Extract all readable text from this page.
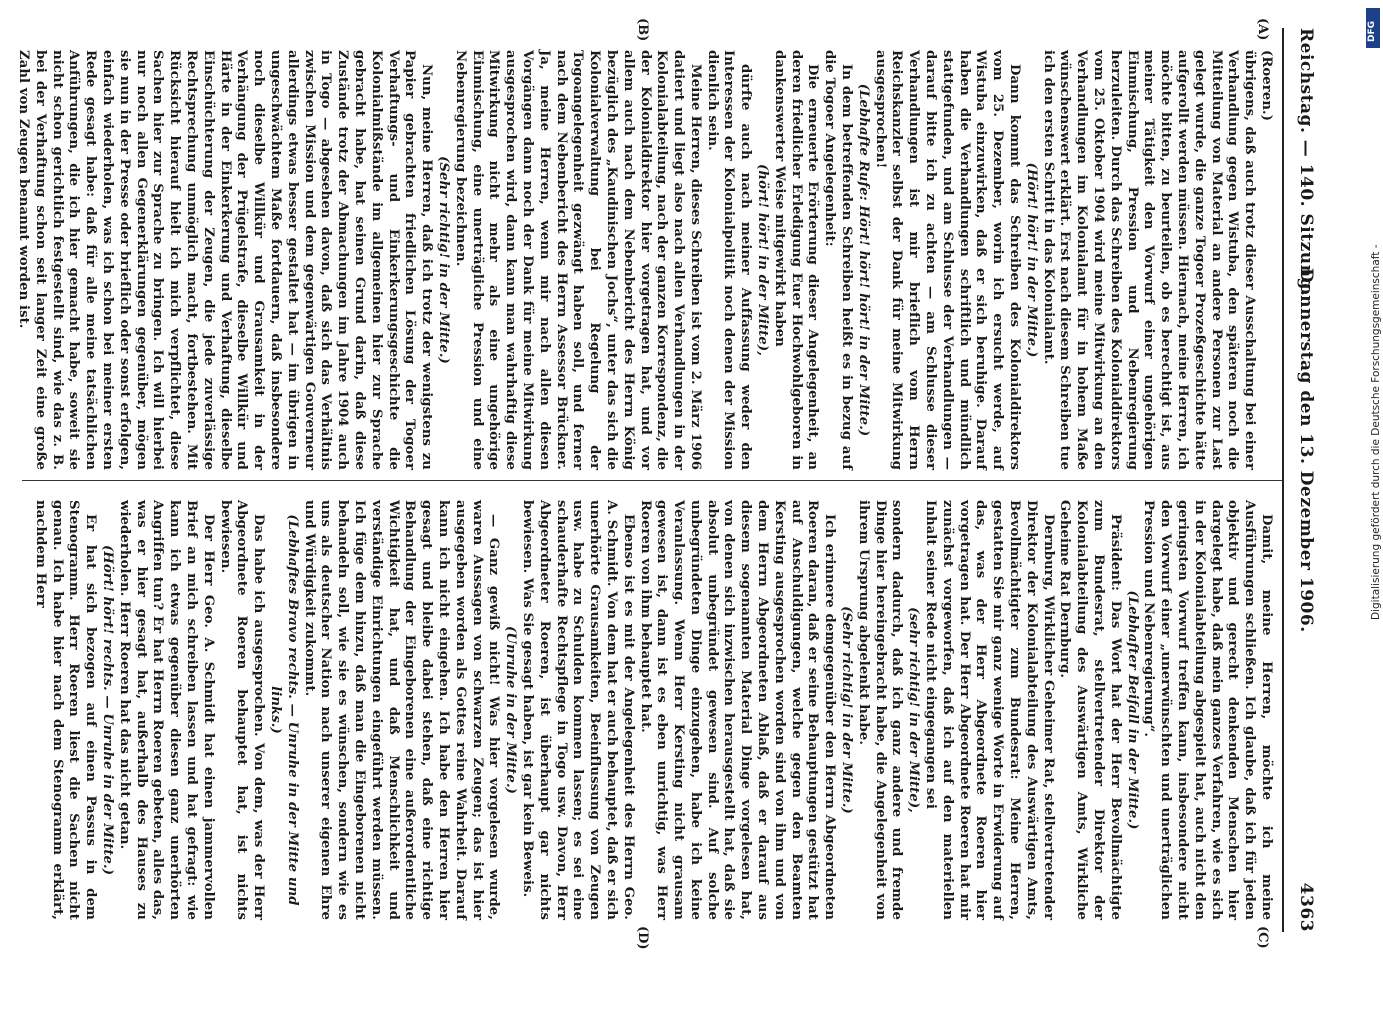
Reichstag. — 140. Sitzung.
Donnerstag den 13. Dezember 1906.
4363
(A)
(B)
(C)
(D)

(Roeren.)

übrigens, daß auch trotz dieser Ausschaltung bei einer Verhandlung gegen Wistuba, den späteren noch die Mitteilung von Material an andere Personen zur Last gelegt wurde, die ganze Togoer Prozeßgeschichte hätte aufgerollt werden müssen. Hiernach, meine Herren, ich möchte bitten, zu beurteilen, ob es berechtigt ist, aus meiner Tätigkeit den Vorwurf einer ungehörigen Einmischung, Pression und Nebenregierung herzuleiten. Durch das Schreiben des Kolonialdirektors vom 25. Oktober 1904 wird meine Mitwirkung an den Verhandlungen im Kolonialamt für in hohem Maße wünschenswert erklärt. Erst nach diesem Schreiben tue ich den ersten Schritt in das Kolonialamt.

(Hört! hört! in der Mitte.)

Dann kommt das Schreiben des Kolonialdirektors vom 25. Dezember, worin ich ersucht werde, auf Wistuba einzuwirken, daß er sich beruhige. Darauf haben die Verhandlungen schriftlich und mündlich stattgefunden, und am Schlusse der Verhandlungen — darauf bitte ich zu achten — am Schlusse dieser Verhandlungen ist mir brieflich vom Herrn Reichskanzler selbst der Dank für meine Mitwirkung ausgesprochen!

(Lebhafte Rufe: Hört! hört! hört! in der Mitte.)

In dem betreffenden Schreiben heißt es in bezug auf die Togoer Angelegenheit:

Die erneuerte Erörterung dieser Angelegenheit, an deren friedlicher Erledigung Euer Hochwohlgeboren in dankenswerter Weise mitgewirkt haben

(hört! hört! in der Mitte),

dürfte auch nach meiner Auffassung weder den Interessen der Kolonialpolitik noch denen der Mission dienlich sein.

Meine Herren, dieses Schreiben ist vom 2. März 1906 datiert und liegt also nach allen Verhandlungen in der Kolonialabteilung, nach der ganzen Korrespondenz, die der Kolonialdirektor hier vorgetragen hat, und vor allem auch nach dem Nebenbericht des Herrn König bezüglich des „Kaudinischen Jochs“, unter das sich die Kolonialverwaltung bei Regelung der Togoangelegenheit gezwängt haben soll, und ferner nach dem Nebenbericht des Herrn Assessor Brückner. Ja, meine Herren, wenn mir nach allen diesen Vorgängen dann noch der Dank für meine Mitwirkung ausgesprochen wird, dann kann man wahrhaftig diese Mitwirkung nicht mehr als eine ungehörige Einmischung, eine unerträgliche Pression und eine Nebenregierung bezeichnen.

(Sehr richtig! in der Mitte.)

Nun, meine Herren, daß ich trotz der wenigstens zu Papier gebrachten friedlichen Lösung der Togoer Verhaftungs- und Einkerkerungsgeschichte die Kolonialmißstände im allgemeinen hier zur Sprache gebracht habe, hat seinen Grund darin, daß diese Zustände trotz der Abmachungen im Jahre 1904 auch in Togo — abgesehen davon, daß sich das Verhältnis zwischen Mission und dem gegenwärtigen Gouverneur allerdings etwas besser gestaltet hat — im übrigen in ungeschwächtem Maße fortdauern, daß insbesondere noch dieselbe Willkür und Grausamkeit in der Verhängung der Prügelstrafe, dieselbe Willkür und Härte in der Einkerkerung und Verhaftung, dieselbe Einschüchterung der Zeugen, die jede zuverlässige Rechtsprechung unmöglich macht, fortbestehen. Mit Rücksicht hierauf hielt ich mich verpflichtet, diese Sachen hier zur Sprache zu bringen. Ich will hierbei nur noch allen Gegenerklärungen gegenüber, mögen sie nun in der Presse oder brieflich oder sonst erfolgen, einfach wiederholen, was ich schon bei meiner ersten Rede gesagt habe: daß für alle meine tatsächlichen Anführungen, die ich hier gemacht habe, soweit sie nicht schon gerichtlich festgestellt sind, wie das z. B. bei der Verhaftung schon seit langer Zeit eine große Zahl von Zeugen benannt worden ist.

Damit, meine Herren, möchte ich meine Ausführungen schließen. Ich glaube, daß ich für jeden objektiv und gerecht denkenden Menschen hier dargelegt habe, daß mein ganzes Verfahren, wie es sich in der Kolonialabteilung abgespielt hat, auch nicht den geringsten Vorwurf treffen kann, insbesondere nicht den Vorwurf einer „unerwünschten und unerträglichen Pression und Nebenregierung“.

(Lebhafter Beifall in der Mitte.)

Präsident: Das Wort hat der Herr Bevollmächtigte zum Bundesrat, stellvertretender Direktor der Kolonialabteilung des Auswärtigen Amts, Wirkliche Geheime Rat Dernburg.

Dernburg, Wirklicher Geheimer Rat, stellvertretender Direktor der Kolonialabteilung des Auswärtigen Amts, Bevollmächtigter zum Bundesrat: Meine Herren, gestatten Sie mir ganz wenige Worte in Erwiderung auf das, was der Herr Abgeordnete Roeren hier vorgetragen hat. Der Herr Abgeordnete Roeren hat mir zunächst vorgeworfen, daß ich auf den materiellen Inhalt seiner Rede nicht eingegangen sei

(sehr richtig! in der Mitte),

sondern dadurch, daß ich ganz andere und fremde Dinge hier hereingebracht habe, die Angelegenheit von ihrem Ursprung abgelenkt habe.

(Sehr richtig! in der Mitte.)

Ich erinnere demgegenüber den Herrn Abgeordneten Roeren daran, daß er seine Behauptungen gestützt hat auf Anschuldigungen, welche gegen den Beamten Kersting ausgesprochen worden sind von ihm und von dem Herrn Abgeordneten Ablaß, daß er darauf aus diesem sogenannten Material Dinge vorgelesen hat, von denen sich inzwischen herausgestellt hat, daß sie absolut unbegründet gewesen sind. Auf solche unbegründeten Dinge einzugehen, habe ich keine Veranlassung. Wenn Herr Kersting nicht grausam gewesen ist, dann ist es eben unrichtig, was Herr Roeren von ihm behauptet hat.

Ebenso ist es mit der Angelegenheit des Herrn Geo. A. Schmidt. Von dem hat er auch behauptet, daß er sich unerhörte Grausamkeiten, Beeinflussung von Zeugen usw. habe zu Schulden kommen lassen; es sei eine schauderhafte Rechtspflege in Togo usw. Davon, Herr Abgeordneter Roeren, ist überhaupt gar nichts bewiesen. Was Sie gesagt haben, ist gar kein Beweis.

(Unruhe in der Mitte.)

— Ganz gewiß nicht! Was hier vorgelesen wurde, waren Aussagen von schwarzen Zeugen; das ist hier ausgegeben worden als Gottes reine Wahrheit. Darauf kann ich nicht eingehen. Ich habe den Herren hier gesagt und bleibe dabei stehen, daß eine richtige Behandlung der Eingeborenen eine außerordentliche Wichtigkeit hat, und daß Menschlichkeit und verständige Einrichtungen eingeführt werden müssen. Ich füge dem hinzu, daß man die Eingeborenen nicht behandeln soll, wie sie es wünschen, sondern wie es uns als deutscher Nation nach unserer eigenen Ehre und Würdigkeit zukommt.

(Lebhaftes Bravo rechts. — Unruhe in der Mitte und links.)

Das habe ich ausgesprochen. Von dem, was der Herr Abgeordnete Roeren behauptet hat, ist nichts bewiesen.

Der Herr Geo. A. Schmidt hat einen jammervollen Brief an mich schreiben lassen und hat gefragt: wie kann ich etwas gegenüber diesen ganz unerhörten Angriffen tun? Er hat Herrn Roeren gebeten, alles das, was er hier gesagt hat, außerhalb des Hauses zu wiederholen. Herr Roeren hat das nicht getan.

(Hört! hört! rechts. — Unruhe in der Mitte.)

Er hat sich bezogen auf einen Passus in dem Stenogramm. Herr Roeren liest die Sachen nicht genau. Ich habe hier nach dem Stenogramm erklärt, nachdem Herr

DFG
Digitalisierung gefördert durch die Deutsche Forschungsgemeinschaft -
